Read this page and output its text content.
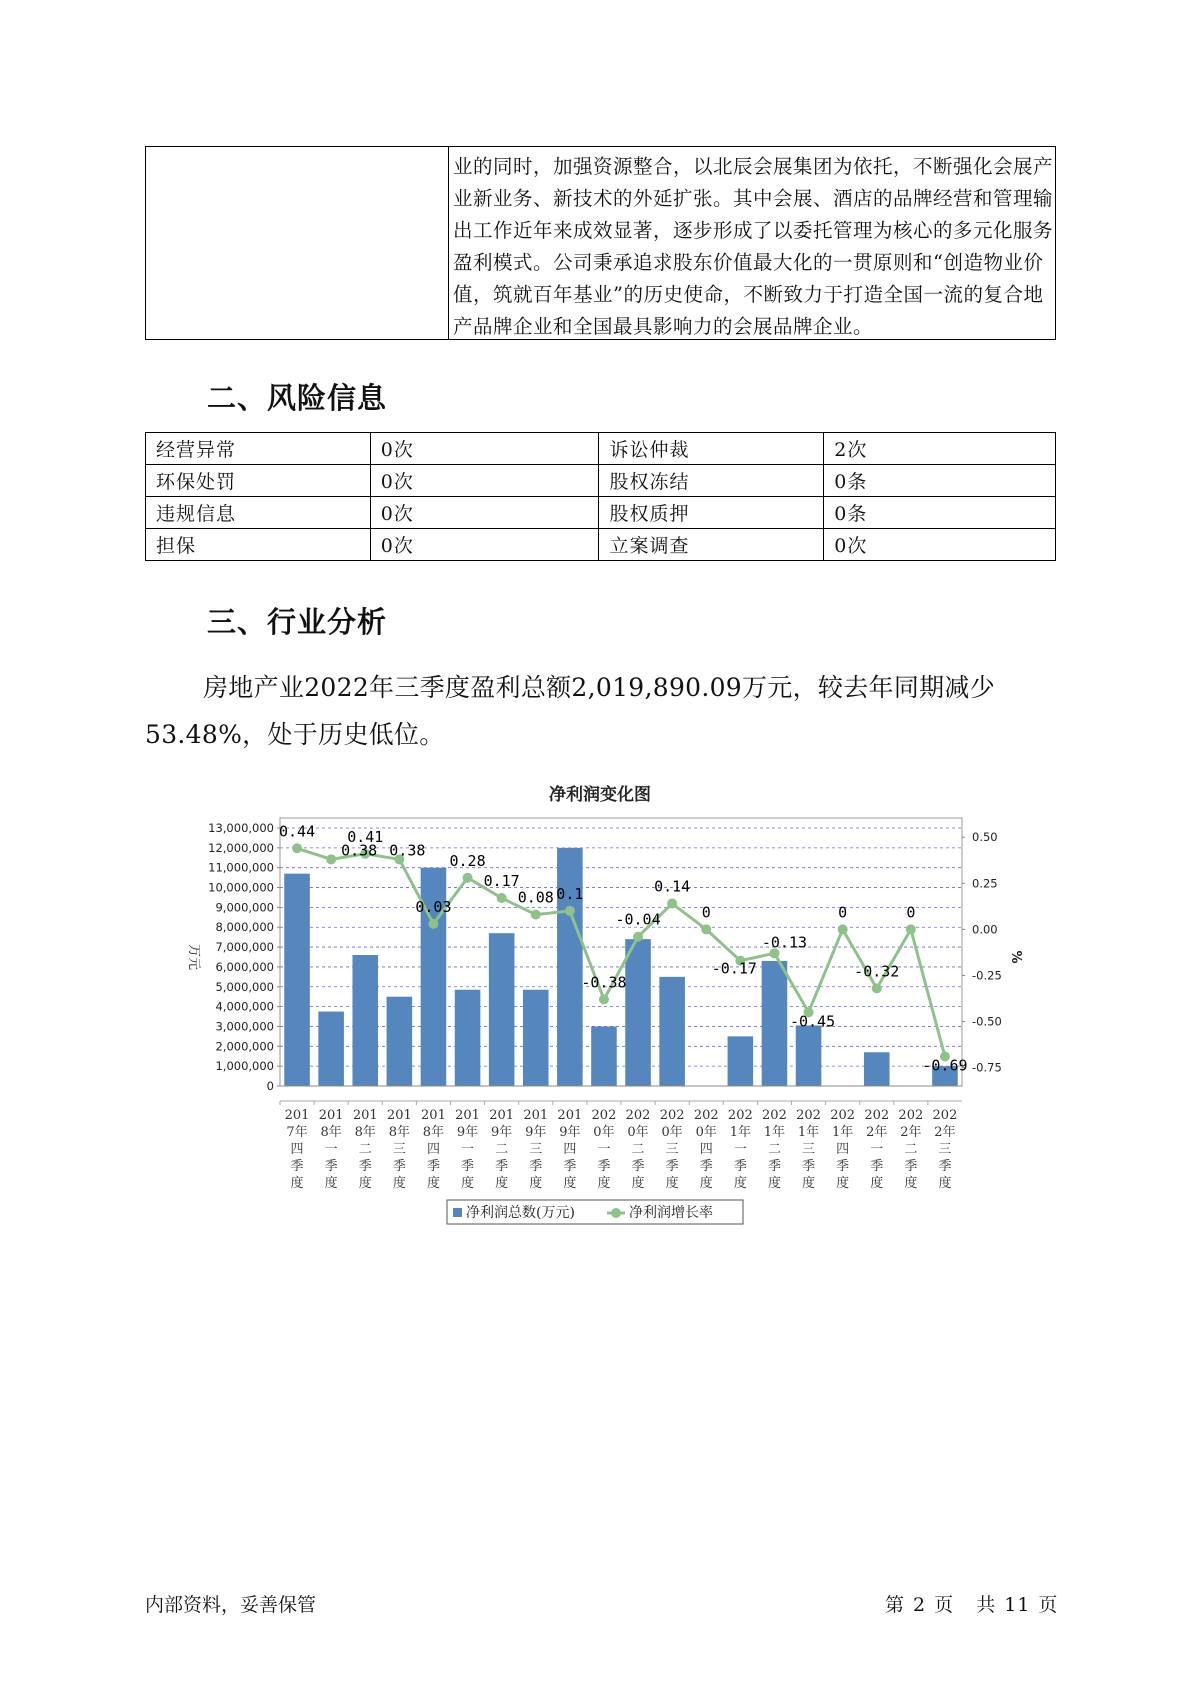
业的同时，加强资源整合，以北辰会展集团为依托，不断强化会展产
业新业务、新技术的外延扩张。其中会展、酒店的品牌经营和管理输
出工作近年来成效显著，逐步形成了以委托管理为核心的多元化服务
盈利模式。公司秉承追求股东价值最大化的一贯原则和“创造物业价
值，筑就百年基业”的历史使命，不断致力于打造全国一流的复合地
产品牌企业和全国最具影响力的会展品牌企业。
二、风险信息
经营异常	0次	诉讼仲裁	2次
环保处罚	0次	股权冻结	0条
违规信息	0次	股权质押	0条
担保	0次	立案调查	0次
三、行业分析
房地产业2022年三季度盈利总额2,019,890.09万元，较去年同期减少
53.48%，处于历史低位。
净利润变化图
0
1,000,000
2,000,000
3,000,000
4,000,000
5,000,000
6,000,000
7,000,000
8,000,000
9,000,000
10,000,000
11,000,000
12,000,000
13,000,000
-0.75
-0.50
-0.25
0.00
0.25
0.50
万元	%
0.44
0.38
0.41
0.38
0.03
0.28
0.17
0.08 0.1
-0.38
-0.04
0.14
0
-0.17
-0.13
-0.45
0
-0.32
0
-0.69
201 7年四季度
201 8年一季度
201 8年二季度
201 8年三季度
201 8年四季度
201 9年一季度
201 9年二季度
201 9年三季度
201 9年四季度
202 0年一季度
202 0年二季度
202 0年三季度
202 0年四季度
202 1年一季度
202 1年二季度
202 1年三季度
202 1年四季度
202 2年一季度
202 2年二季度
202 2年三季度
净利润总数(万元)	净利润增长率
内部资料，妥善保管	第 2 页 共 11 页
